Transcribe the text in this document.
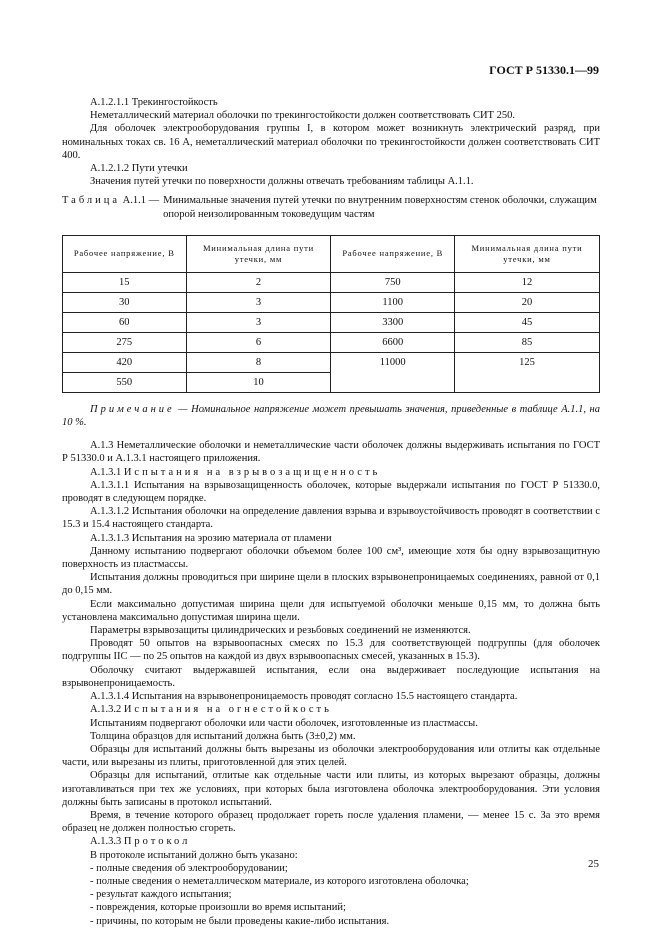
ГОСТ Р 51330.1—99

А.1.2.1.1 Трекингостойкость

Неметаллический материал оболочки по трекингостойкости должен соответствовать СИТ 250.

Для оболочек электрооборудования группы I, в котором может возникнуть электрический разряд, при номинальных токах св. 16 А, неметаллический материал оболочки по трекингостойкости должен соответствовать СИТ 400.

А.1.2.1.2 Пути утечки

Значения путей утечки по поверхности должны отвечать требованиям таблицы А.1.1.

Таблица А.1.1 — Минимальные значения путей утечки по внутренним поверхностям стенок оболочки, служащим опорой неизолированным токоведущим частям
Рабочее напряжение, В	Минимальная длина пути утечки, мм	Рабочее напряжение, В	Минимальная длина пути утечки, мм
15	2	750	12
30	3	1100	20
60	3	3300	45
275	6	6600	85
420	8	11000	125
550	10		

Примечание — Номинальное напряжение может превышать значения, приведенные в таблице А.1.1, на 10 %.

А.1.3 Неметаллические оболочки и неметаллические части оболочек должны выдерживать испытания по ГОСТ Р 51330.0 и А.1.3.1 настоящего приложения.

А.1.3.1 Испытания на взрывозащищенность

А.1.3.1.1 Испытания на взрывозащищенность оболочек, которые выдержали испытания по ГОСТ Р 51330.0, проводят в следующем порядке.

А.1.3.1.2 Испытания оболочки на определение давления взрыва и взрывоустойчивость проводят в соответствии с 15.3 и 15.4 настоящего стандарта.

А.1.3.1.3 Испытания на эрозию материала от пламени

Данному испытанию подвергают оболочки объемом более 100 см³, имеющие хотя бы одну взрывозащитную поверхность из пластмассы.

Испытания должны проводиться при ширине щели в плоских взрывонепроницаемых соединениях, равной от 0,1 до 0,15 мм.

Если максимально допустимая ширина щели для испытуемой оболочки меньше 0,15 мм, то должна быть установлена максимально допустимая ширина щели.

Параметры взрывозащиты цилиндрических и резьбовых соединений не изменяются.

Проводят 50 опытов на взрывоопасных смесях по 15.3 для соответствующей подгруппы (для оболочек подгруппы IIС — по 25 опытов на каждой из двух взрывоопасных смесей, указанных в 15.3).

Оболочку считают выдержавшей испытания, если она выдерживает последующие испытания на взрывонепроницаемость.

А.1.3.1.4 Испытания на взрывонепроницаемость проводят согласно 15.5 настоящего стандарта.

А.1.3.2 Испытания на огнестойкость

Испытаниям подвергают оболочки или части оболочек, изготовленные из пластмассы.

Толщина образцов для испытаний должна быть (3±0,2) мм.

Образцы для испытаний должны быть вырезаны из оболочки электрооборудования или отлиты как отдельные части, или вырезаны из плиты, приготовленной для этих целей.

Образцы для испытаний, отлитые как отдельные части или плиты, из которых вырезают образцы, должны изготавливаться при тех же условиях, при которых была изготовлена оболочка электрооборудования. Эти условия должны быть записаны в протокол испытаний.

Время, в течение которого образец продолжает гореть после удаления пламени, — менее 15 с. За это время образец не должен полностью сгореть.

А.1.3.3 Протокол

В протоколе испытаний должно быть указано:

- полные сведения об электрооборудовании;

- полные сведения о неметаллическом материале, из которого изготовлена оболочка;

- результат каждого испытания;

- повреждения, которые произошли во время испытаний;

- причины, по которым не были проведены какие-либо испытания.

25
